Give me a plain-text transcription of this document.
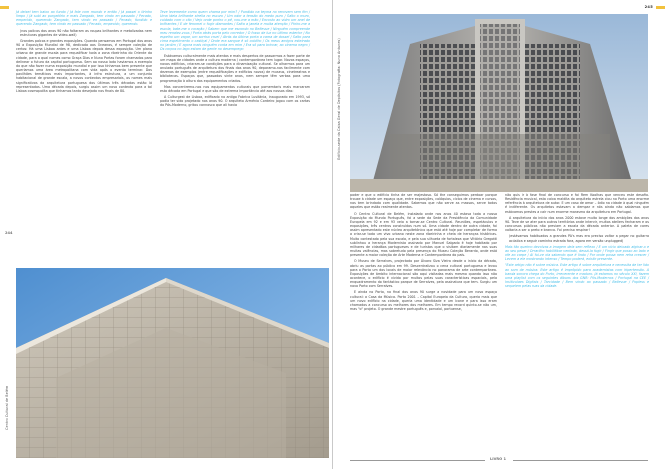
Já deixei tem baixo ao fundo / Já fale com mundo e então / Já passei o tirinho limpo / Já subí ao purgatório e mais Zangado, tem vindo en passado / Pecado, empecido, querendo Zangado, tem vindo en passado / Pecado, fundido e querendo Zangado, tem vindo en passado / Pecado, empecido, querendo.

(nos policos dos anos 90 não faltaram as roupas brilhantes e metalizadas nem estruturas gigantes de vídeo-wall)

Grandes palcos e grandes exposições. Quando pensamos em Portugal dos anos 90 a Exposição Mundial de 98, dedicada aos Oceanos, é sempre coleção de certos: Há uma Lisboa antes e uma Lisboa depois dessa exposição. Um plano urbano de grande escala para requalificar toda a zona ribeirinha do Oriente da cidade, para o qual nomes como Graça Dias e Nuno Portas foram chamados para delinear o futuro da capital portuguesa. Sem ao nosso lado haviamos a exemplo do que não fazer numa exposição mundial e por isso tínhamos bem presente que queríamos uma área metropolitana com vida após o evento terminar. Dos pavilhões temáticos mais importantes, à infra estrutura, a um conjunto habitacional de grande escala, a novos contextos empresariais, os nomes mais significativos da arquitetura portuguesa dos últimas três décadas estão lá representados. Uma década depois, surgiu assim um novo contexto para a tal Lisboa cosmopolita que tínhamos tanto desejado nos finais de 80.

Teve levemente como quem chama por mim? / Pundido na teyma no renovem sem fim / Uma ideia brilhante strella no escuro / Um odor a tensão do medo puro / Salto o muro, cuidado com o cão / Vejo onde ponho o pé, vou-me a mão / Encosto ao vidro um anel de brilhantes / E de fenomei o fugir diamantes / Salta a janela e muita atenção / Pinho-me a escola, bate-me o coração / Sabem que me escondo no Bellevue / Ninguém compreende meu renalez-vous / Porta atrás porta pelo corredor / O fosso de luz no último estertor / No espelho um vagar, um sorriso cruel / Atrás da última porta a cama de dossel / Salto para cima espetimento o castiçal / Onde era sangue é só cobilho / Os meus amigos esteirado no jardim / E agora mais ninguém conta em mim / Era só para brincar, ao cinema negro / Os corpos no lago estam de gente no desemprego

Estávamos culturalmente mais atentos e mais despertos de passarmos a fazer parte de um mapa de cidades onde a cultura moderna / contemporânea tem lugar. Novos espaços, novos edifícios, criaram-se condições para a dinamização cultural. Se olharmos para um anulado português de arquitetura dos finais dos anos 90, deparamo-nos facilmente com dezenas de exemplos (entre requalificações e edifícios novos) de museus, cinetreatros e bibliotecas. Espaços que, passados vinte anos, nem sempre têm verbas para uma programação à altura dos equipamentos criados.

Mas concentremo-nos nos equipamentos culturais que pomemtaris mais marcaram esta década em Portugal e que são de extrema importância até aos nossos dias:

A Culturgest de Lisboa, edificado no antigo Fabrica Lusitânia, inaugurado em 1993, só podia ter sido projetado nos anos 90. O arquiteto Arménio Cordeiro jogou com os cartas do Pós-Moderno, gritou connosco que ali havia

Centro Cultural de Belém
244
245
Edifício-sede da Caixa Geral de Depósitos (Fotografia: Nuno Antunes)

poder e que o edifício tinha de ser majestoso. Só the conseguimos perdoar porque trouxe à cidade um espaço que, entre exposições, colóquios, ciclos de cinema e cursos, nos tem brindado com qualidade. Sabemos que não serve as massas, serve todos aqueles que estão realmente atentos.

O Centro Cultural de Belém, instalado onde nos anos 40 estava toda a nossa Exposição do Mundo Português, foi a sede da Sede da Presidência da Comunidade Europeia em 92 e em 93 veio a tornar-se Centro Cultural. Reuniões, espetáculos e exposições, três centros construídos num só. Uma cidade dentro de outra cidade, foi assim apresentado este núcleo arquitetónico que está até hoje por completar de forma a criar-se toda um vivo urbano neste zona ribeirinha e cheia de heranças históricas. Muito contestado pela sua escala, e pela sua silhueta de fortaleza que Vittório Gregotti sublinhou a herança Modernista assinado por Manuel Salgado é hoje habitado por milhares de cidadãos portugueses e de turistas que o visitam diariamente nas suas muitas valências, mas sobretudo pela presença do Museu Coleção Berardo, onde está presente a maior coleção de Arte Moderna e Contemporânea do país.

O Museu de Serralves, projectado por Álvaro Siza Vieira desde o início da década, abriu as portas ao público em 99. Descentralizou o cena cultural portuguesa e levou para o Porto um dos locais de maior relevância no panorama de arte contemporânea. Exposições de âmbito internacional são aqui visitadas mais mesmo quando isso não acontece, o edifício é vivido por muitos pelas suas características espaciais, pela enquadramento do fantástico parque de Serralves, pela assinatura que tem. Surgiu um novo Porto com Serralves.

E ainda no Porto, no final dos anos 90 surge a novidade para um novo espaço cultural: a Casa da Música. Porto 2001 – Capital Europeia da Cultura, queria mais que um novo edifício na cidade, queria uma identidade e um ícone e para isso eram chamados a concurso os melhores dos melhores. Em tempo record quinto-se não um, mas "o" projeto. O grande mestre português e, porvaiol, portuense,

não quis ir à fase final de concurso e foi Rem Koolhas que venceu este desafio. Residência musical, esta caixa maldita do arquiteto estrela ciou no Porto uma enorme referência à arquitetura de autor. E um caso de amor – ódio na cidade à qual ninguém é indiferente. Os arquitetos estavam a dempar e nós ainda não sabíamos que estávamos prestes a cair num enorme marasmo da arquitetura em Portugal.

A arquitetura do início dos anos 2000 estave muito longe dos ambições dos anos 90. Teve de se ater para outros territórios onde intervir, muitos ateliers fecharam e os concursos públicos não previam a escala da década anterior. A paleta de cores voltaria a ser o preto e branco. Foi preciso respirar!

(estávamos habituados a grandes PA's mas era preciso voltar a pegar no guitarra acústica e seguir caminho estrada fora, agora em versão unplugged)

Mais tão queimo devolvas a imagem dela sem reflexo / E um vício deixado alginar-o e ao seu pesar / Orrarilho habilitikar ventado, dessá-la fugir / Fingir que posso ao lado e ofe ao carpe / Al fui-ve ola sabendo que é lindo / Por onde possa nem reha crescer / Levem a ele mostrando intenso / Tempo poderá, existir presente.

"Este artigo não é sobre música. Este artigo é sobre arquitetura e necessita de ter lido ao som de música. Este artigo é imprópido para academistas com hipertensão. A banda sonora chega do Porto, irreverente e maduro. Já estamos no século XXI, fazem uma playlist com os seguintes álbuns dos GNR: Pós-Modernos / Portugal na CEE / Insitivulaes Digitais / Tarcidade / Bem vindo ao passado / Bellevue / Popless e sequelem pelas ruas da cidade.

LIVRO 1
